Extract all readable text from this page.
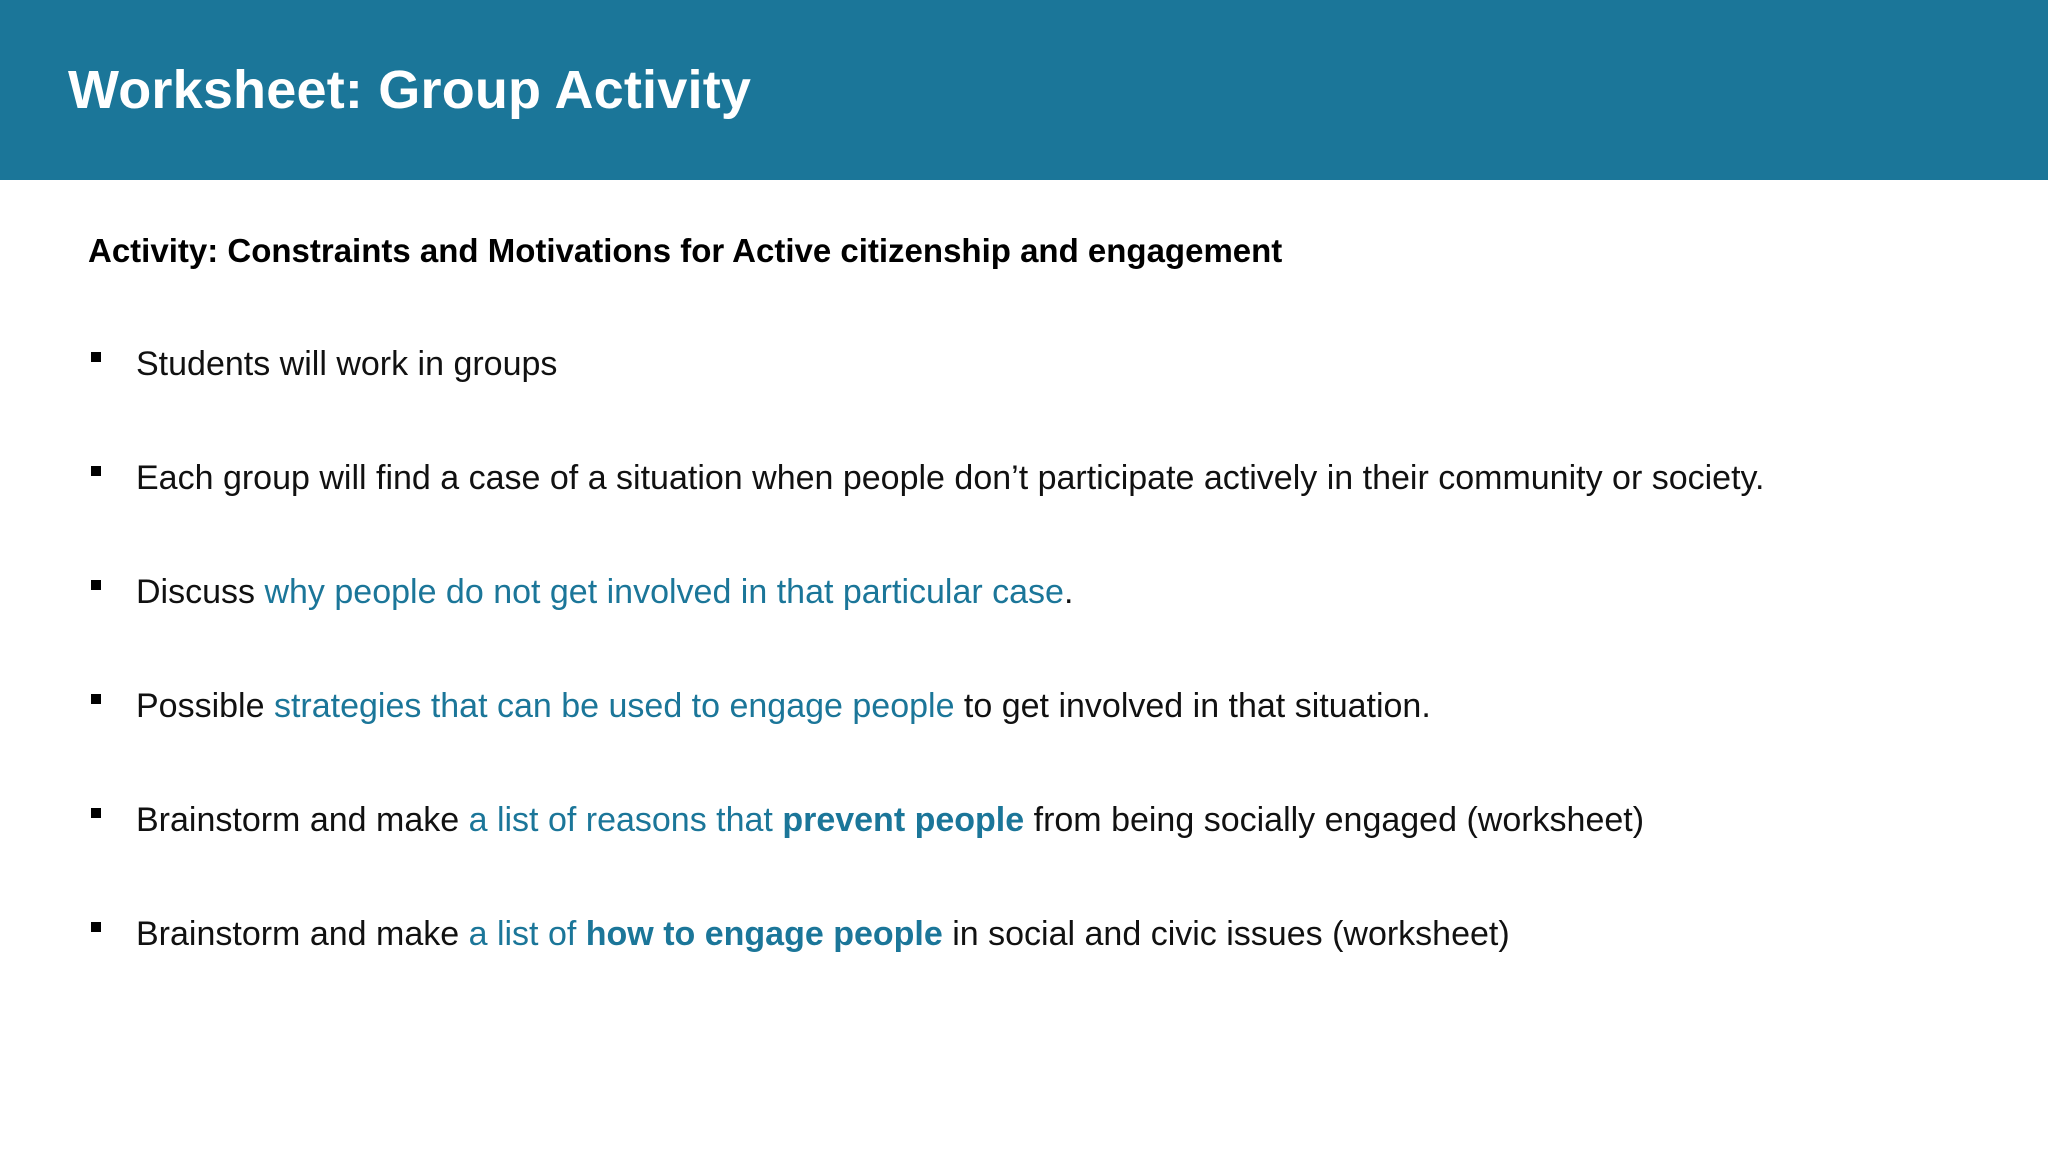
Worksheet: Group Activity
Activity: Constraints and Motivations for Active citizenship and engagement
Students will work in groups
Each group will find a case of a situation when people don’t participate actively in their community or society.
Discuss why people do not get involved in that particular case.
Possible strategies that can be used to engage people to get involved in that situation.
Brainstorm and make a list of reasons that prevent people from being socially engaged (worksheet)
Brainstorm and make a list of how to engage people in social and civic issues (worksheet)
